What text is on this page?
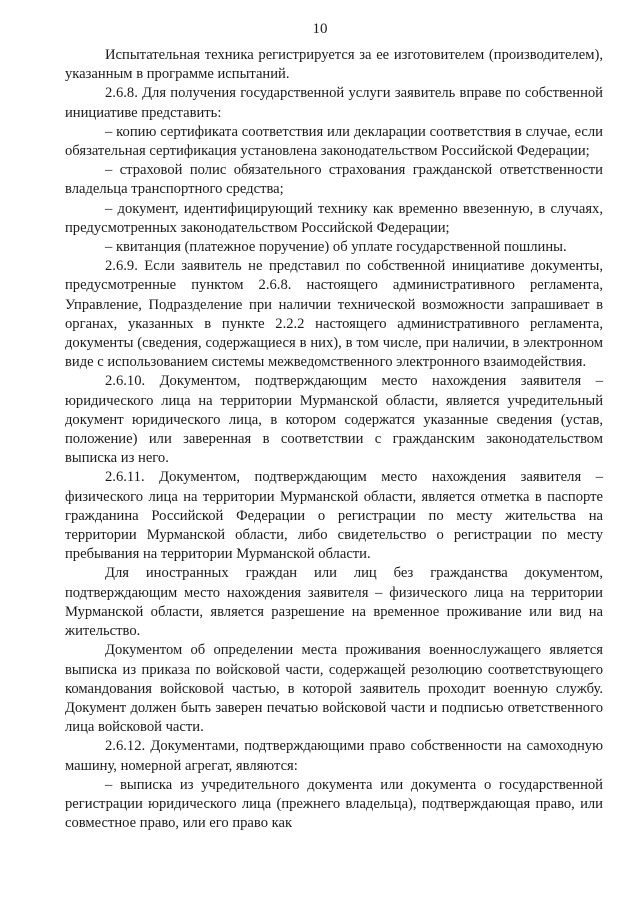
10

Испытательная техника регистрируется за ее изготовителем (производителем), указанным в программе испытаний.

2.6.8. Для получения государственной услуги заявитель вправе по собственной инициативе представить:

– копию сертификата соответствия или декларации соответствия в случае, если обязательная сертификация установлена законодательством Российской Федерации;

– страховой полис обязательного страхования гражданской ответственности владельца транспортного средства;

– документ, идентифицирующий технику как временно ввезенную, в случаях, предусмотренных законодательством Российской Федерации;

– квитанция (платежное поручение) об уплате государственной пошлины.

2.6.9. Если заявитель не представил по собственной инициативе документы, предусмотренные пунктом 2.6.8. настоящего административного регламента, Управление, Подразделение при наличии технической возможности запрашивает в органах, указанных в пункте 2.2.2 настоящего административного регламента, документы (сведения, содержащиеся в них), в том числе, при наличии, в электронном виде с использованием системы межведомственного электронного взаимодействия.

2.6.10. Документом, подтверждающим место нахождения заявителя – юридического лица на территории Мурманской области, является учредительный документ юридического лица, в котором содержатся указанные сведения (устав, положение) или заверенная в соответствии с гражданским законодательством выписка из него.

2.6.11. Документом, подтверждающим место нахождения заявителя – физического лица на территории Мурманской области, является отметка в паспорте гражданина Российской Федерации о регистрации по месту жительства на территории Мурманской области, либо свидетельство о регистрации по месту пребывания на территории Мурманской области.

Для иностранных граждан или лиц без гражданства документом, подтверждающим место нахождения заявителя – физического лица на территории Мурманской области, является разрешение на временное проживание или вид на жительство.

Документом об определении места проживания военнослужащего является выписка из приказа по войсковой части, содержащей резолюцию соответствующего командования войсковой частью, в которой заявитель проходит военную службу. Документ должен быть заверен печатью войсковой части и подписью ответственного лица войсковой части.

2.6.12. Документами, подтверждающими право собственности на самоходную машину, номерной агрегат, являются:

– выписка из учредительного документа или документа о государственной регистрации юридического лица (прежнего владельца), подтверждающая право, или совместное право, или его право как
